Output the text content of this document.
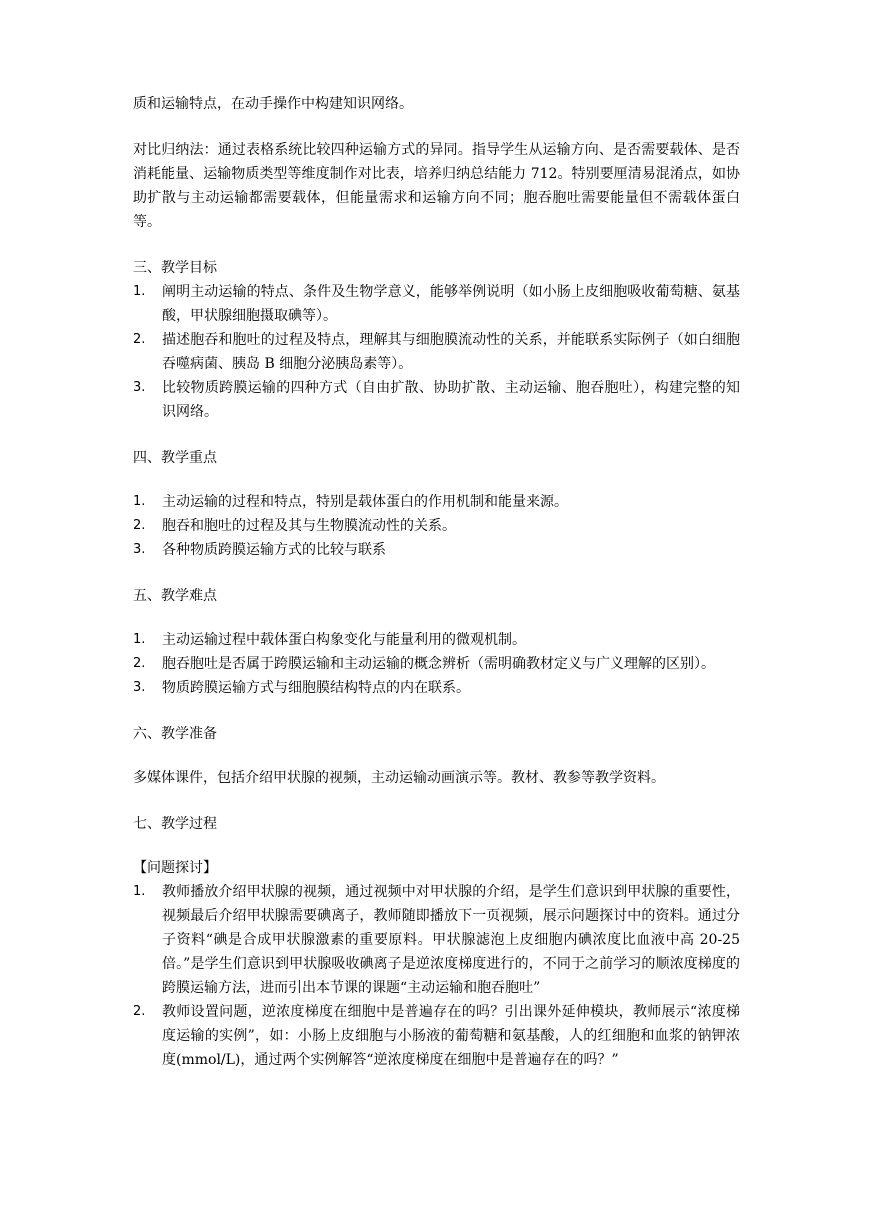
质和运输特点，在动手操作中构建知识网络。

对比归纳法：通过表格系统比较四种运输方式的异同。指导学生从运输方向、是否需要载体、是否消耗能量、运输物质类型等维度制作对比表，培养归纳总结能力 712。特别要厘清易混淆点，如协助扩散与主动运输都需要载体，但能量需求和运输方向不同；胞吞胞吐需要能量但不需载体蛋白等。

三、教学目标

1. 阐明主动运输的特点、条件及生物学意义，能够举例说明（如小肠上皮细胞吸收葡萄糖、氨基酸，甲状腺细胞摄取碘等）。
2. 描述胞吞和胞吐的过程及特点，理解其与细胞膜流动性的关系，并能联系实际例子（如白细胞吞噬病菌、胰岛 B 细胞分泌胰岛素等）。
3. 比较物质跨膜运输的四种方式（自由扩散、协助扩散、主动运输、胞吞胞吐），构建完整的知识网络。

四、教学重点

1. 主动运输的过程和特点，特别是载体蛋白的作用机制和能量来源。
2. 胞吞和胞吐的过程及其与生物膜流动性的关系。
3. 各种物质跨膜运输方式的比较与联系

五、教学难点

1. 主动运输过程中载体蛋白构象变化与能量利用的微观机制。
2. 胞吞胞吐是否属于跨膜运输和主动运输的概念辨析（需明确教材定义与广义理解的区别）。
3. 物质跨膜运输方式与细胞膜结构特点的内在联系。

六、教学准备

多媒体课件，包括介绍甲状腺的视频，主动运输动画演示等。教材、教参等教学资料。

七、教学过程

【问题探讨】

1. 教师播放介绍甲状腺的视频，通过视频中对甲状腺的介绍，是学生们意识到甲状腺的重要性，视频最后介绍甲状腺需要碘离子，教师随即播放下一页视频，展示问题探讨中的资料。通过分子资料“碘是合成甲状腺激素的重要原料。甲状腺滤泡上皮细胞内碘浓度比血液中高 20-25 倍。”是学生们意识到甲状腺吸收碘离子是逆浓度梯度进行的，不同于之前学习的顺浓度梯度的跨膜运输方法，进而引出本节课的课题“主动运输和胞吞胞吐”
2. 教师设置问题，逆浓度梯度在细胞中是普遍存在的吗？引出课外延伸模块，教师展示“浓度梯度运输的实例”，如：小肠上皮细胞与小肠液的葡萄糖和氨基酸，人的红细胞和血浆的钠钾浓度(mmol/L)，通过两个实例解答“逆浓度梯度在细胞中是普遍存在的吗？”
